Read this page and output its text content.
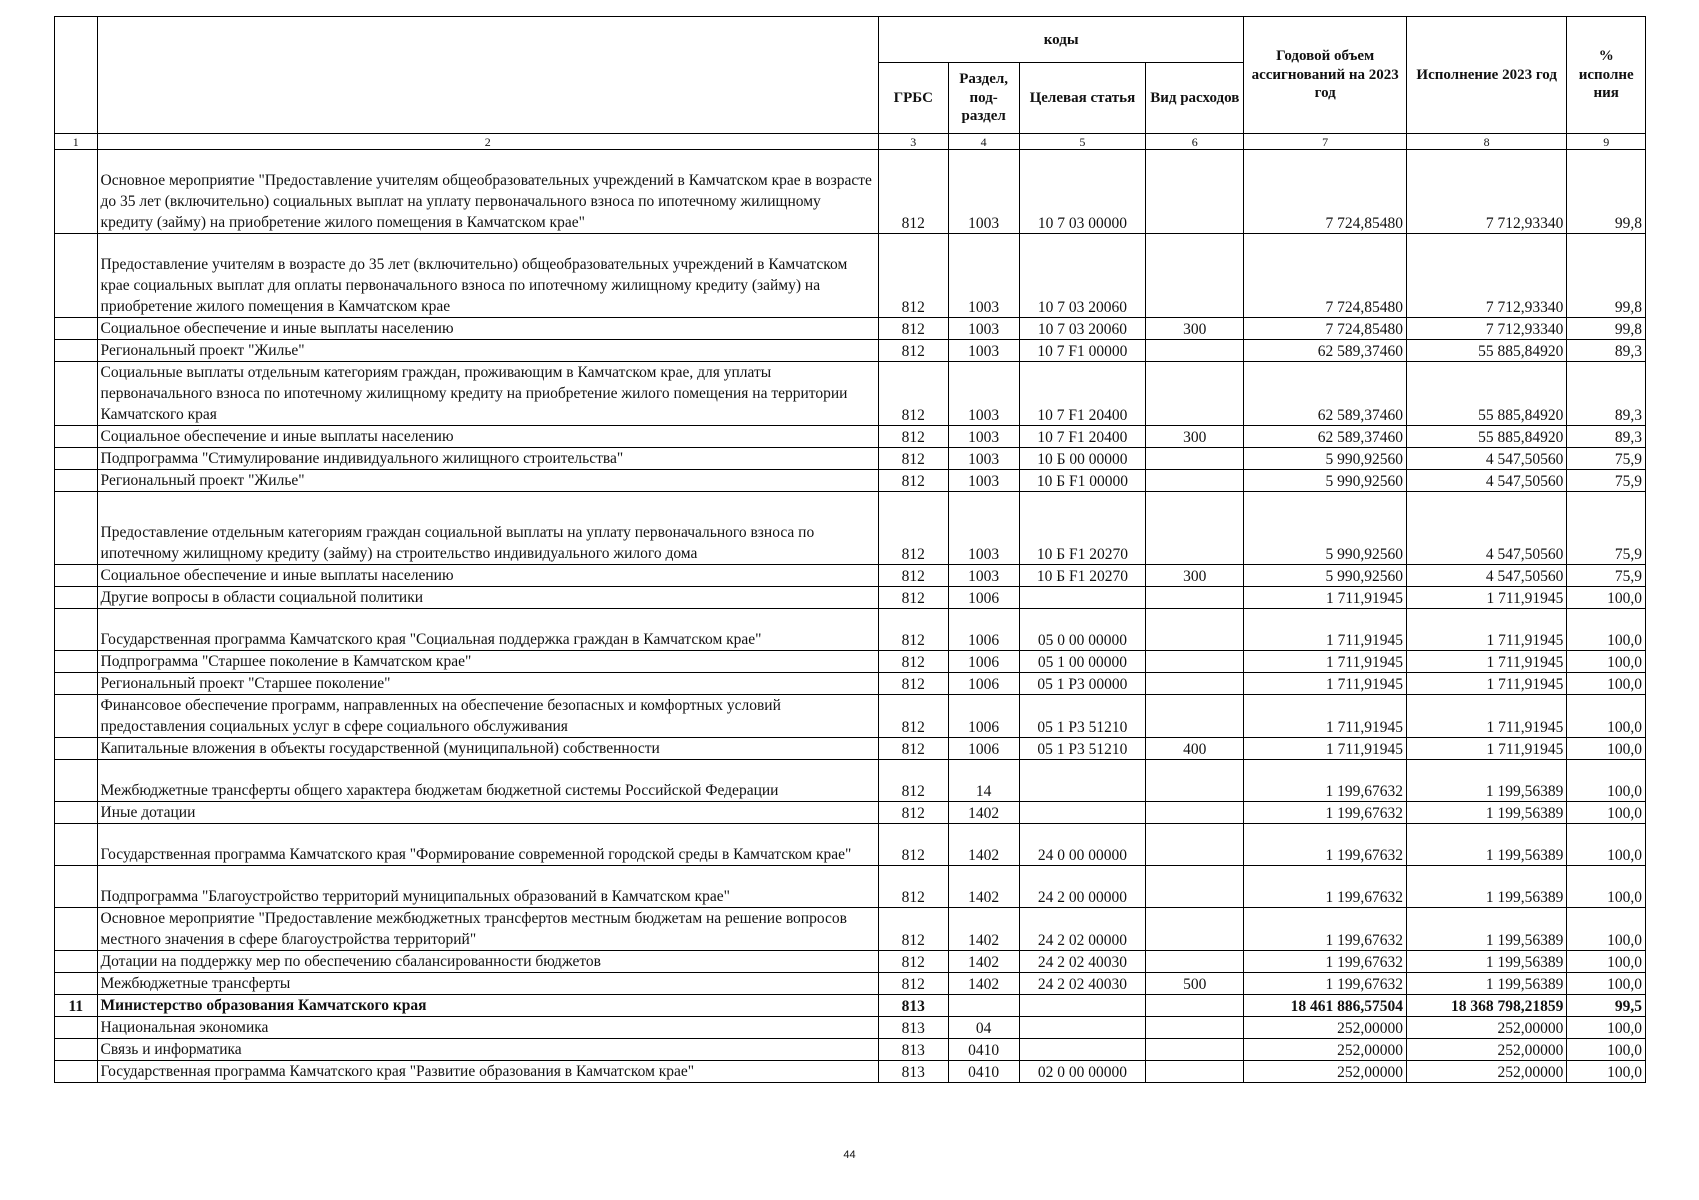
		коды				Годовой объем ассигнований на 2023 год	Исполнение 2023 год	% исполне ния
		ГРБС	Раздел, под-раздел	Целевая статья	Вид расходов			
1	2	3	4	5	6	7	8	9
	Основное мероприятие "Предоставление учителям общеобразовательных учреждений в Камчатском крае в возрасте до 35 лет (включительно) социальных выплат на уплату первоначального взноса по ипотечному жилищному кредиту (займу) на приобретение жилого помещения в Камчатском крае"	812	1003	10 7 03 00000		7 724,85480	7 712,93340	99,8
	Предоставление учителям в возрасте до 35 лет (включительно) общеобразовательных учреждений в Камчатском крае социальных выплат для оплаты первоначального взноса по ипотечному жилищному кредиту (займу) на приобретение жилого помещения в Камчатском крае	812	1003	10 7 03 20060		7 724,85480	7 712,93340	99,8
	Социальное обеспечение и иные выплаты населению	812	1003	10 7 03 20060	300	7 724,85480	7 712,93340	99,8
	Региональный проект "Жилье"	812	1003	10 7 F1 00000		62 589,37460	55 885,84920	89,3
	Социальные выплаты отдельным категориям граждан, проживающим в Камчатском крае, для уплаты первоначального взноса по ипотечному жилищному кредиту на приобретение жилого помещения на территории Камчатского края	812	1003	10 7 F1 20400		62 589,37460	55 885,84920	89,3
	Социальное обеспечение и иные выплаты населению	812	1003	10 7 F1 20400	300	62 589,37460	55 885,84920	89,3
	Подпрограмма "Стимулирование индивидуального жилищного строительства"	812	1003	10 Б 00 00000		5 990,92560	4 547,50560	75,9
	Региональный проект "Жилье"	812	1003	10 Б F1 00000		5 990,92560	4 547,50560	75,9
	Предоставление отдельным категориям граждан социальной выплаты на уплату первоначального взноса по ипотечному жилищному кредиту (займу) на строительство индивидуального жилого дома	812	1003	10 Б F1 20270		5 990,92560	4 547,50560	75,9
	Социальное обеспечение и иные выплаты населению	812	1003	10 Б F1 20270	300	5 990,92560	4 547,50560	75,9
	Другие вопросы в области социальной политики	812	1006			1 711,91945	1 711,91945	100,0
	Государственная программа Камчатского края "Социальная поддержка граждан в Камчатском крае"	812	1006	05 0 00 00000		1 711,91945	1 711,91945	100,0
	Подпрограмма "Старшее поколение в Камчатском крае"	812	1006	05 1 00 00000		1 711,91945	1 711,91945	100,0
	Региональный проект "Старшее поколение"	812	1006	05 1 P3 00000		1 711,91945	1 711,91945	100,0
	Финансовое обеспечение программ, направленных на обеспечение безопасных и комфортных условий предоставления социальных услуг в сфере социального обслуживания	812	1006	05 1 P3 51210		1 711,91945	1 711,91945	100,0
	Капитальные вложения в объекты государственной (муниципальной) собственности	812	1006	05 1 P3 51210	400	1 711,91945	1 711,91945	100,0
	Межбюджетные трансферты общего характера бюджетам бюджетной системы Российской Федерации	812	14			1 199,67632	1 199,56389	100,0
	Иные дотации	812	1402			1 199,67632	1 199,56389	100,0
	Государственная программа Камчатского края "Формирование современной городской среды в Камчатском крае"	812	1402	24 0 00 00000		1 199,67632	1 199,56389	100,0
	Подпрограмма "Благоустройство территорий муниципальных образований в Камчатском крае"	812	1402	24 2 00 00000		1 199,67632	1 199,56389	100,0
	Основное мероприятие "Предоставление межбюджетных трансфертов местным бюджетам на решение вопросов местного значения в сфере благоустройства территорий"	812	1402	24 2 02 00000		1 199,67632	1 199,56389	100,0
	Дотации на поддержку мер по обеспечению сбалансированности бюджетов	812	1402	24 2 02 40030		1 199,67632	1 199,56389	100,0
	Межбюджетные трансферты	812	1402	24 2 02 40030	500	1 199,67632	1 199,56389	100,0
11	Министерство образования Камчатского края	813				18 461 886,57504	18 368 798,21859	99,5
	Национальная экономика	813	04			252,00000	252,00000	100,0
	Связь и информатика	813	0410			252,00000	252,00000	100,0
	Государственная программа Камчатского края "Развитие образования в Камчатском крае"	813	0410	02 0 00 00000		252,00000	252,00000	100,0
44
